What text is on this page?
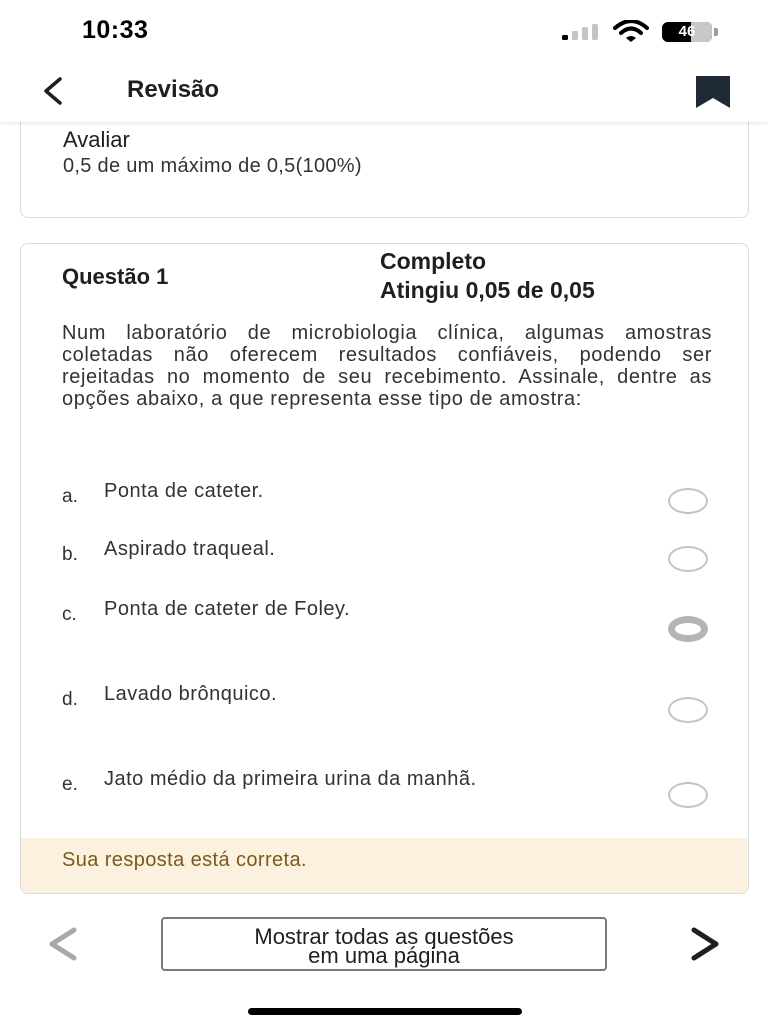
10:33	46
Revisão
Avaliar
0,5 de um máximo de 0,5(100%)
Questão 1
Completo
Atingiu 0,05 de 0,05
Num laboratório de microbiologia clínica, algumas amostras coletadas não oferecem resultados confiáveis, podendo ser rejeitadas no momento de seu recebimento. Assinale, dentre as opções abaixo, a que representa esse tipo de amostra:
a. Ponta de cateter.
b. Aspirado traqueal.
c. Ponta de cateter de Foley.
d. Lavado brônquico.
e. Jato médio da primeira urina da manhã.
Sua resposta está correta.
Mostrar todas as questões
em uma página
